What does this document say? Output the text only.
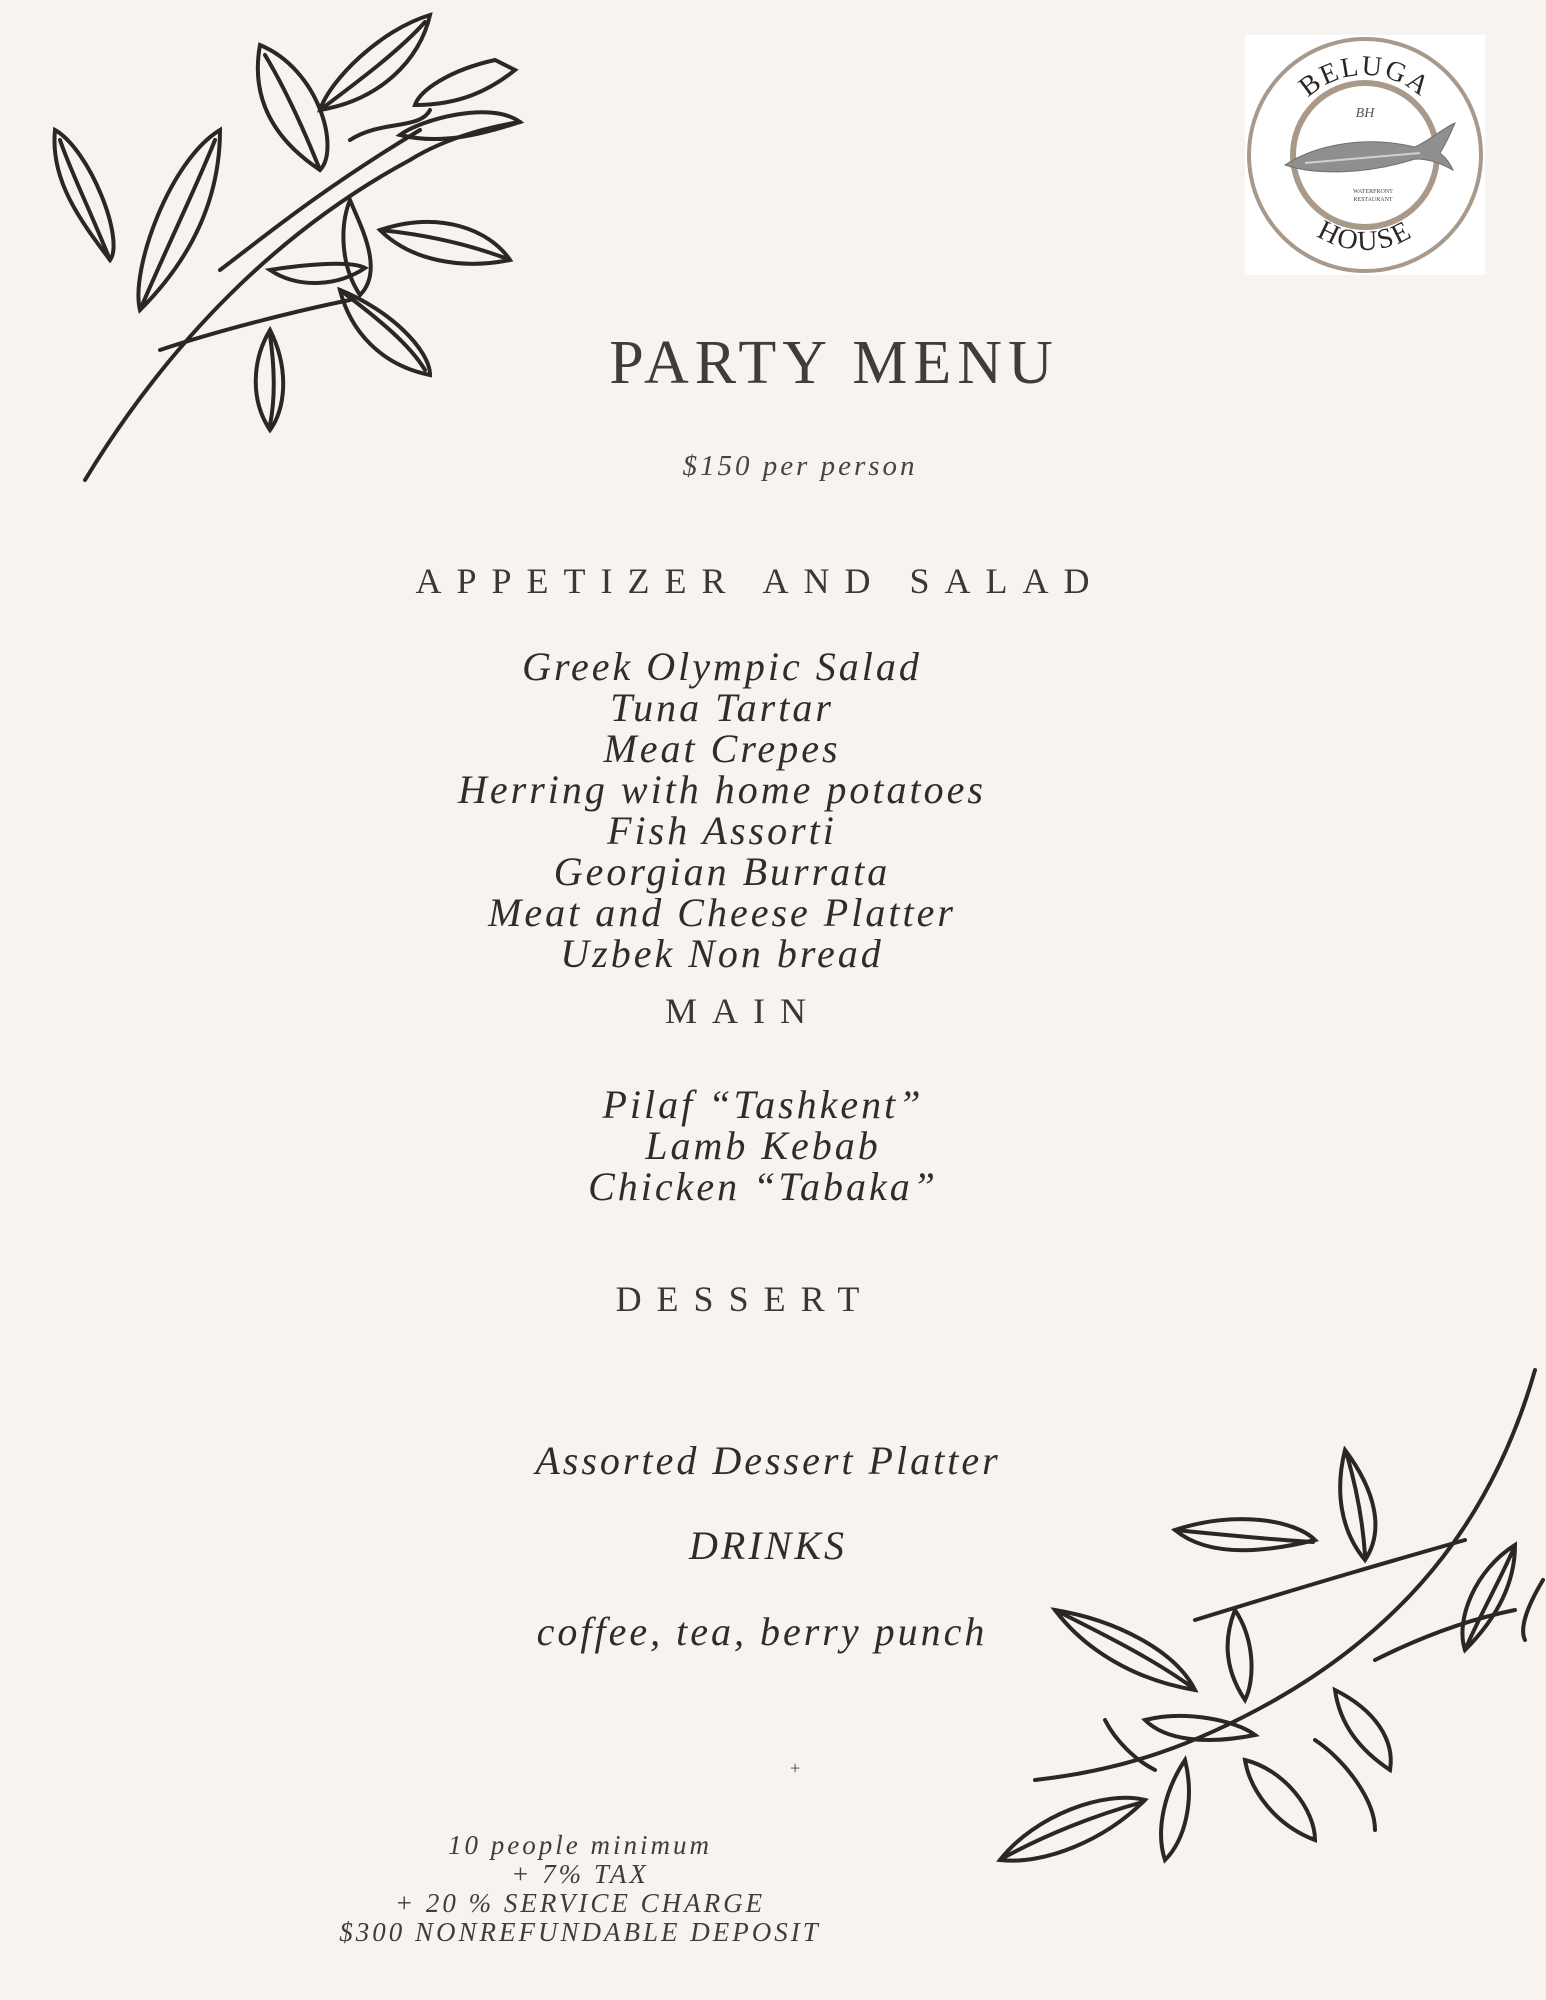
BELUGA
HOUSE
BH
WATERFRONT
RESTAURANT
PARTY MENU
$150 per person
APPETIZER AND SALAD
Greek Olympic Salad
Tuna Tartar
Meat Crepes
Herring with home potatoes
Fish Assorti
Georgian Burrata
Meat and Cheese Platter
Uzbek Non bread
MAIN
Pilaf “Tashkent”
Lamb Kebab
Chicken “Tabaka”
DESSERT
Assorted Dessert Platter
DRINKS
coffee, tea, berry punch
+
10 people minimum
+ 7% TAX
+ 20 % SERVICE CHARGE
$300 NONREFUNDABLE DEPOSIT
